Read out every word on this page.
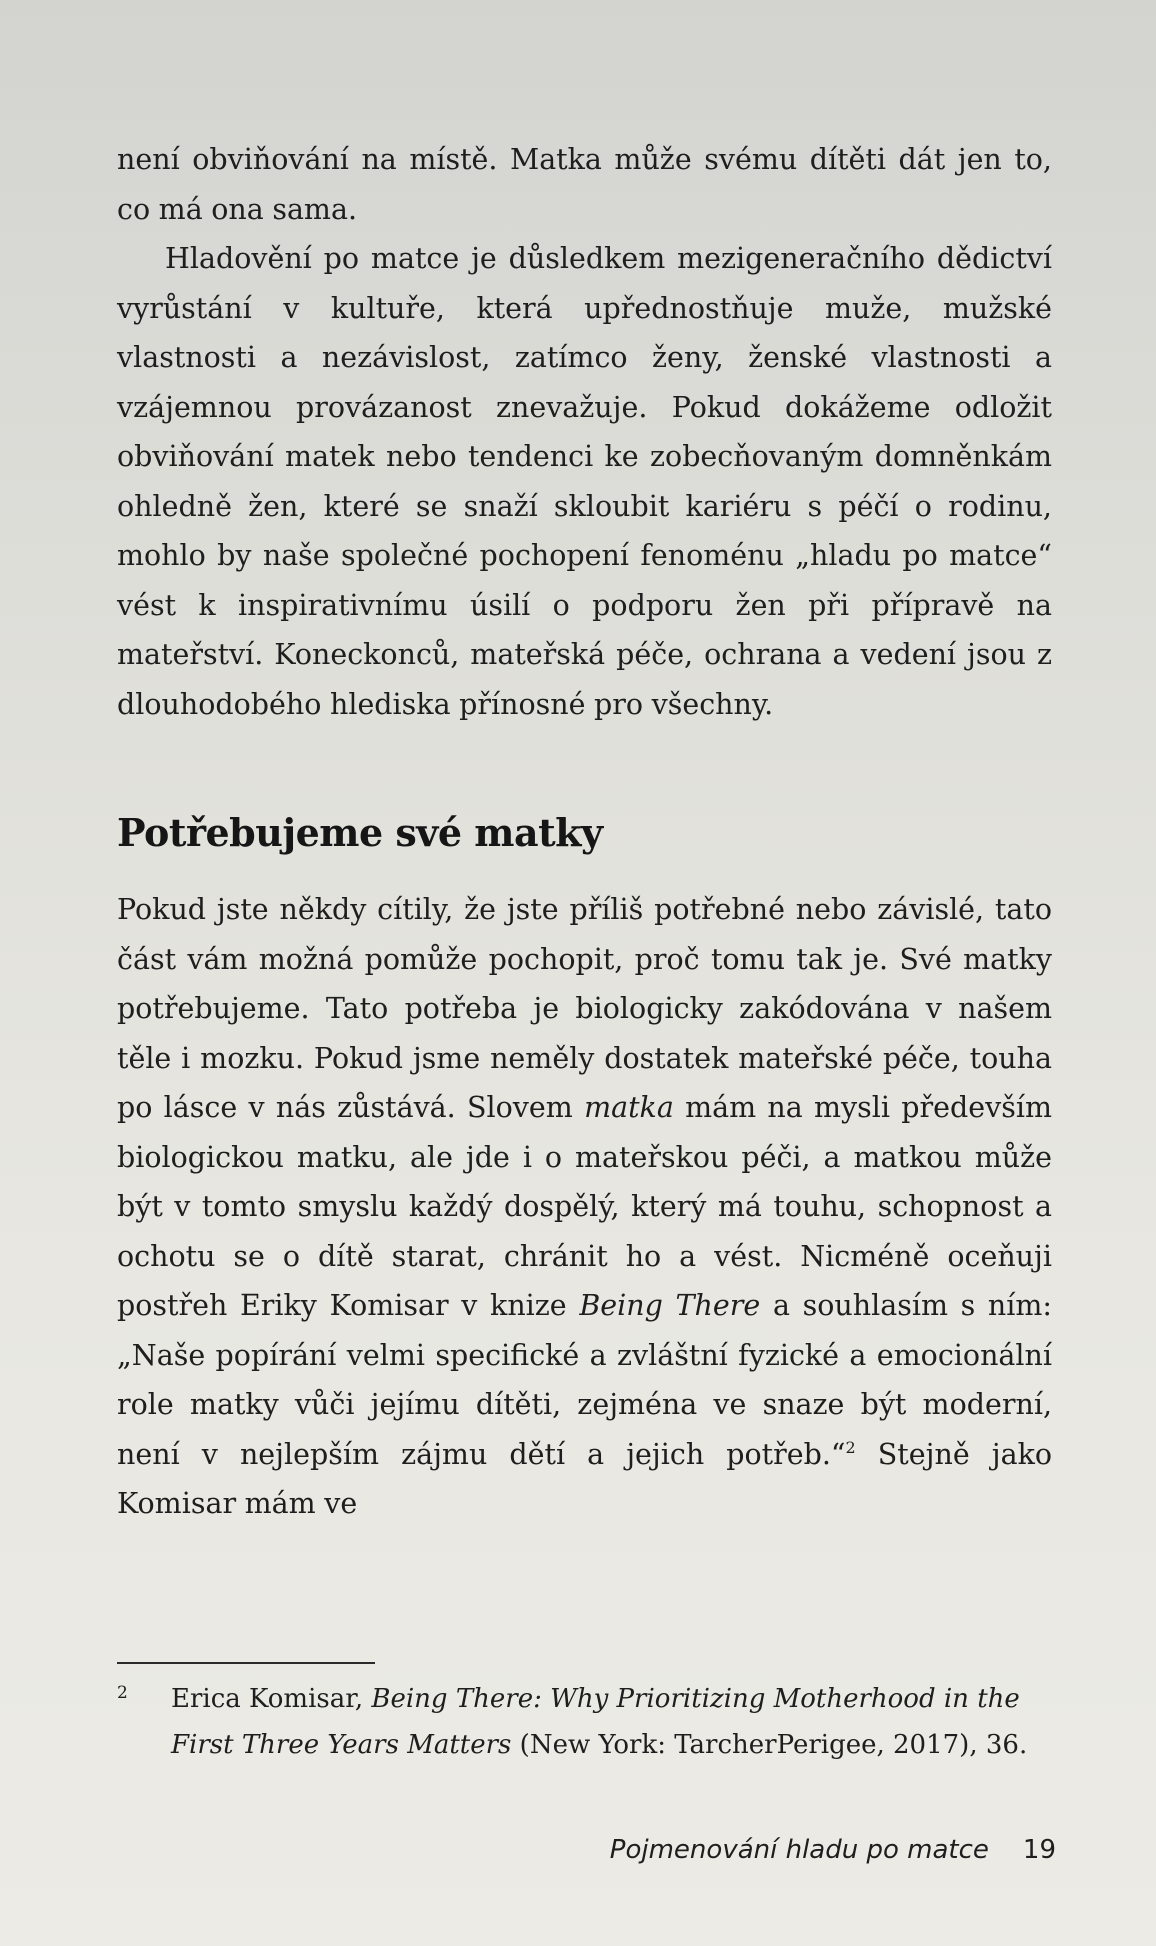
není obviňování na místě. Matka může svému dítěti dát jen to, co má ona sama.

Hladovění po matce je důsledkem mezigeneračního dědictví vyrůstání v kultuře, která upřednostňuje muže, mužské vlastnosti a nezávislost, zatímco ženy, ženské vlastnosti a vzájemnou provázanost znevažuje. Pokud dokážeme odložit obviňování matek nebo tendenci ke zobecňovaným domněnkám ohledně žen, které se snaží skloubit kariéru s péčí o rodinu, mohlo by naše společné pochopení fenoménu „hladu po matce“ vést k inspirativnímu úsilí o podporu žen při přípravě na mateřství. Koneckonců, mateřská péče, ochrana a vedení jsou z dlouhodobého hlediska přínosné pro všechny.

Potřebujeme své matky

Pokud jste někdy cítily, že jste příliš potřebné nebo závislé, tato část vám možná pomůže pochopit, proč tomu tak je. Své matky potřebujeme. Tato potřeba je biologicky zakódována v našem těle i mozku. Pokud jsme neměly dostatek mateřské péče, touha po lásce v nás zůstává. Slovem matka mám na mysli především biologickou matku, ale jde i o mateřskou péči, a matkou může být v tomto smyslu každý dospělý, který má touhu, schopnost a ochotu se o dítě starat, chránit ho a vést. Nicméně oceňuji postřeh Eriky Komisar v knize Being There a souhlasím s ním: „Naše popírání velmi specifické a zvláštní fyzické a emocionální role matky vůči jejímu dítěti, zejména ve snaze být moderní, není v nejlepším zájmu dětí a jejich potřeb.“$^2$ Stejně jako Komisar mám ve

2 Erica Komisar, Being There: Why Prioritizing Motherhood in the First Three Years Matters (New York: TarcherPerigee, 2017), 36.
Pojmenování hladu po matce 19
